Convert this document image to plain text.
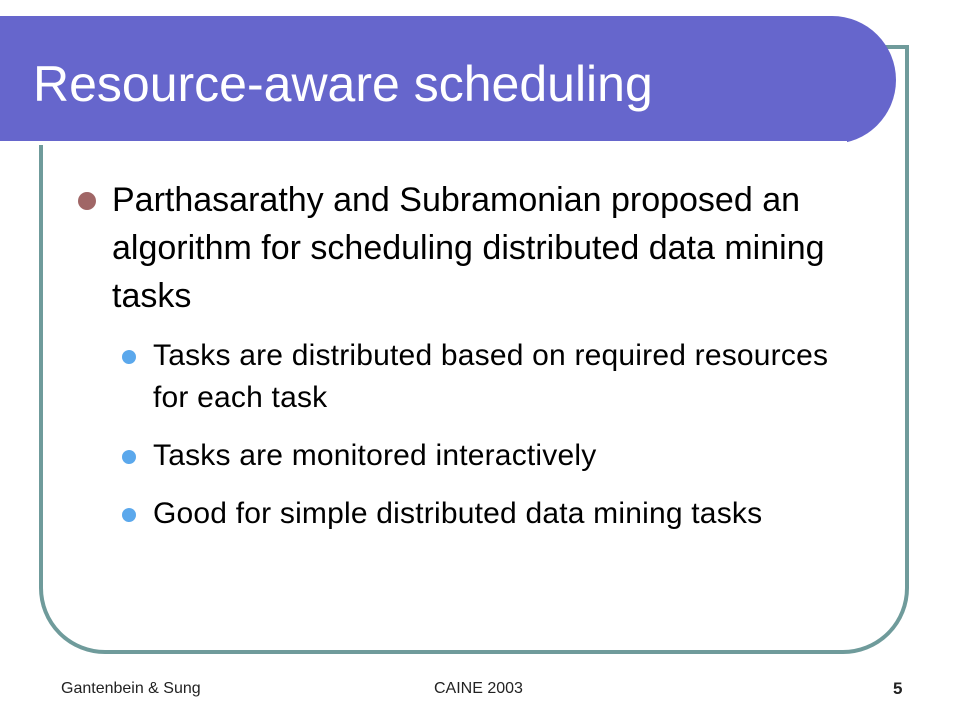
Resource-aware scheduling
Parthasarathy and Subramonian proposed an algorithm for scheduling distributed data mining tasks
Tasks are distributed based on required resources for each task
Tasks are monitored interactively
Good for simple distributed data mining tasks
Gantenbein & Sung	CAINE 2003	5
